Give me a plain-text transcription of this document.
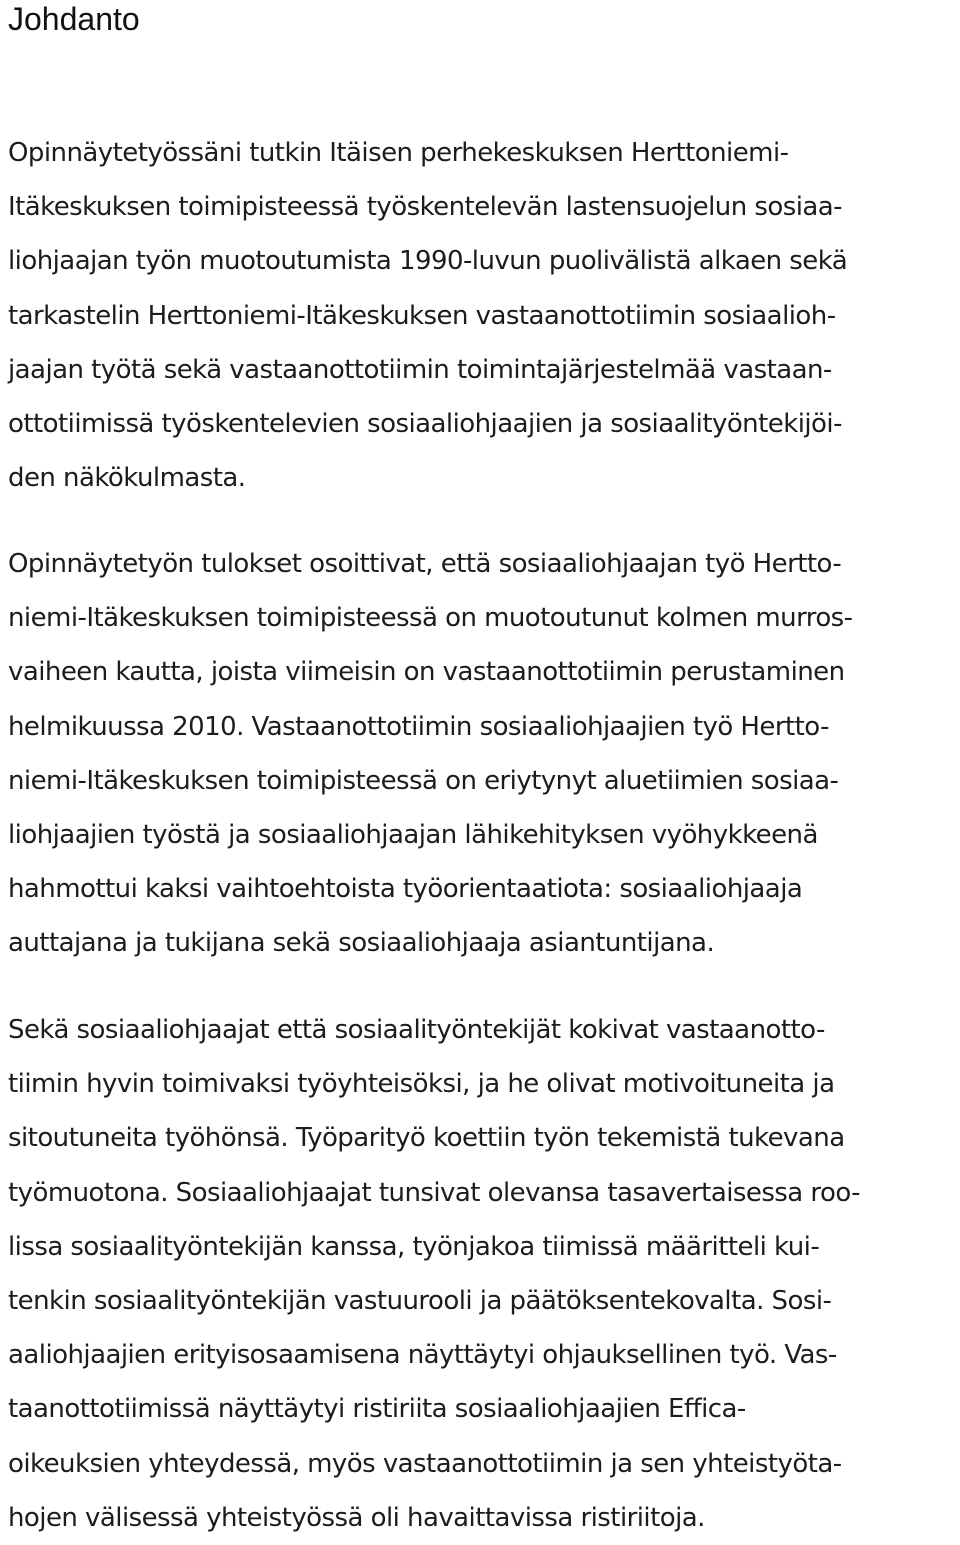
Johdanto

Opinnäytetyössäni tutkin Itäisen perhekeskuksen Herttoniemi-
Itäkeskuksen toimipisteessä työskentelevän lastensuojelun sosiaa-
liohjaajan työn muotoutumista 1990-luvun puolivälistä alkaen sekä
tarkastelin Herttoniemi-Itäkeskuksen vastaanottotiimin sosiaalioh-
jaajan työtä sekä vastaanottotiimin toimintajärjestelmää vastaan-
ottotiimissä työskentelevien sosiaaliohjaajien ja sosiaalityöntekijöi-
den näkökulmasta.

Opinnäytetyön tulokset osoittivat, että sosiaaliohjaajan työ Hertto-
niemi-Itäkeskuksen toimipisteessä on muotoutunut kolmen murros-
vaiheen kautta, joista viimeisin on vastaanottotiimin perustaminen
helmikuussa 2010. Vastaanottotiimin sosiaaliohjaajien työ Hertto-
niemi-Itäkeskuksen toimipisteessä on eriytynyt aluetiimien sosiaa-
liohjaajien työstä ja sosiaaliohjaajan lähikehityksen vyöhykkeenä
hahmottui kaksi vaihtoehtoista työorientaatiota: sosiaaliohjaaja
auttajana ja tukijana sekä sosiaaliohjaaja asiantuntijana.

Sekä sosiaaliohjaajat että sosiaalityöntekijät kokivat vastaanotto-
tiimin hyvin toimivaksi työyhteisöksi, ja he olivat motivoituneita ja
sitoutuneita työhönsä. Työparityö koettiin työn tekemistä tukevana
työmuotona. Sosiaaliohjaajat tunsivat olevansa tasavertaisessa roo-
lissa sosiaalityöntekijän kanssa, työnjakoa tiimissä määritteli kui-
tenkin sosiaalityöntekijän vastuurooli ja päätöksentekovalta. Sosi-
aaliohjaajien erityisosaamisena näyttäytyi ohjauksellinen työ. Vas-
taanottotiimissä näyttäytyi ristiriita sosiaaliohjaajien Effica-
oikeuksien yhteydessä, myös vastaanottotiimin ja sen yhteistyöta-
hojen välisessä yhteistyössä oli havaittavissa ristiriitoja.
